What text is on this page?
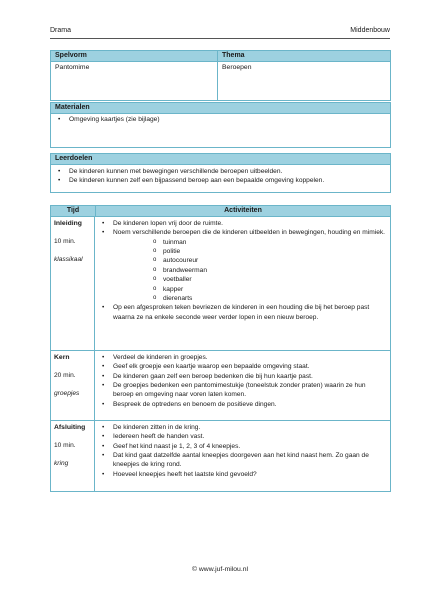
Drama	Middenbouw
Spelvorm	Thema
Pantomime	Beroepen
Materialen
• Omgeving kaartjes (zie bijlage)
Leerdoelen
• De kinderen kunnen met bewegingen verschillende beroepen uitbeelden.
• De kinderen kunnen zelf een bijpassend beroep aan een bepaalde omgeving koppelen.
Tijd	Activiteiten
Inleiding
10 min.
klassikaal
• De kinderen lopen vrij door de ruimte.
• Noem verschillende beroepen die de kinderen uitbeelden in bewegingen, houding en mimiek.
o tuinman
o politie
o autocoureur
o brandweerman
o voetballer
o kapper
o dierenarts
• Op een afgesproken teken bevriezen de kinderen in een houding die bij het beroep past waarna ze na enkele seconde weer verder lopen in een nieuw beroep.
Kern
20 min.
groepjes
• Verdeel de kinderen in groepjes.
• Geef elk groepje een kaartje waarop een bepaalde omgeving staat.
• De kinderen gaan zelf een beroep bedenken die bij hun kaartje past.
• De groepjes bedenken een pantomimestukje (toneelstuk zonder praten) waarin ze hun beroep en omgeving naar voren laten komen.
• Bespreek de optredens en benoem de positieve dingen.
Afsluiting
10 min.
kring
• De kinderen zitten in de kring.
• Iedereen heeft de handen vast.
• Geef het kind naast je 1, 2, 3 of 4 kneepjes.
• Dat kind gaat datzelfde aantal kneepjes doorgeven aan het kind naast hem. Zo gaan de kneepjes de kring rond.
• Hoeveel kneepjes heeft het laatste kind gevoeld?
© www.juf-milou.nl
